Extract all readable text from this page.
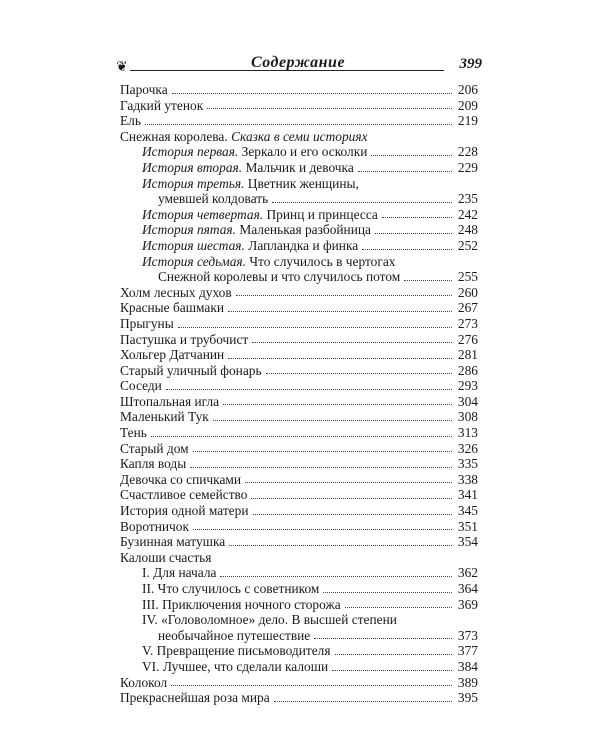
❦	Содержание	399
Парочка	206
Гадкий утенок	209
Ель	219
Снежная королева. Сказка в семи историях
История первая. Зеркало и его осколки	228
История вторая. Мальчик и девочка	229
История третья. Цветник женщины,
умевшей колдовать	235
История четвертая. Принц и принцесса	242
История пятая. Маленькая разбойница	248
История шестая. Лапландка и финка	252
История седьмая. Что случилось в чертогах
Снежной королевы и что случилось потом	255
Холм лесных духов	260
Красные башмаки	267
Прыгуны	273
Пастушка и трубочист	276
Хольгер Датчанин	281
Старый уличный фонарь	286
Соседи	293
Штопальная игла	304
Маленький Тук	308
Тень	313
Старый дом	326
Капля воды	335
Девочка со спичками	338
Счастливое семейство	341
История одной матери	345
Воротничок	351
Бузинная матушка	354
Калоши счастья
I. Для начала	362
II. Что случилось с советником	364
III. Приключения ночного сторожа	369
IV. «Головоломное» дело. В высшей степени
необычайное путешествие	373
V. Превращение письмоводителя	377
VI. Лучшее, что сделали калоши	384
Колокол	389
Прекраснейшая роза мира	395
